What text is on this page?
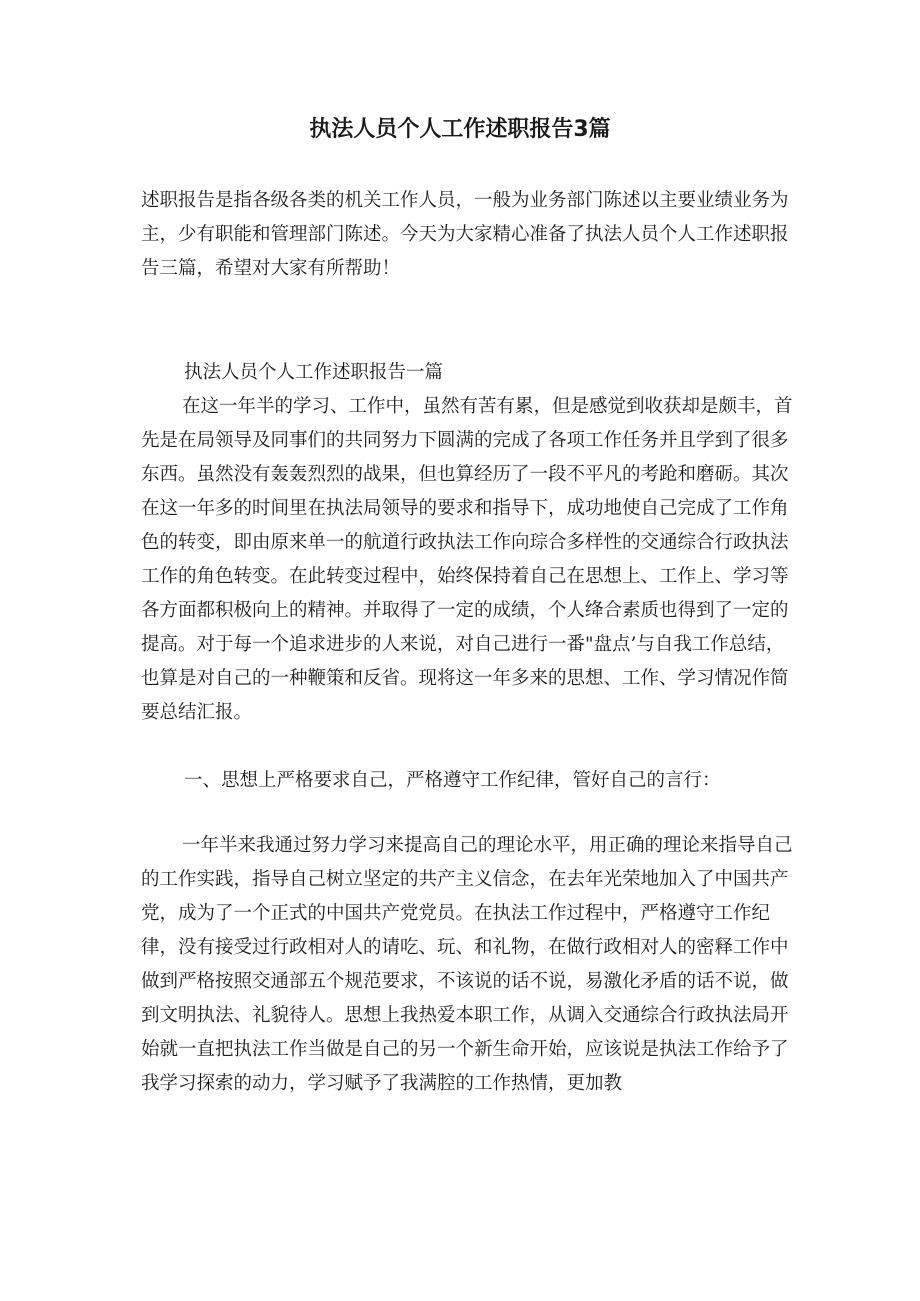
执法人员个人工作述职报告3篇

述职报告是指各级各类的机关工作人员，一般为业务部门陈述以主要业绩业务为主，少有职能和管理部门陈述。今天为大家精心准备了执法人员个人工作述职报告三篇，希望对大家有所帮助！

执法人员个人工作述职报告一篇

在这一年半的学习、工作中，虽然有苦有累，但是感觉到收获却是颇丰，首先是在局领导及同事们的共同努力下圆满的完成了各项工作任务并且学到了很多东西。虽然没有轰轰烈烈的战果，但也算经历了一段不平凡的考跄和磨砺。其次在这一年多的时间里在执法局领导的要求和指导下，成功地使自己完成了工作角色的转变，即由原来单一的航道行政执法工作向琮合多样性的交通综合行政执法工作的角色转变。在此转变过程中，始终保持着自己在思想上、工作上、学习等各方面都积极向上的精神。并取得了一定的成绩，个人绛合素质也得到了一定的提高。对于每一个追求进步的人来说，对自己进行一番"盘点’与自我工作总结，也算是对自己的一种鞭策和反省。现将这一年多来的思想、工作、学习情况作简要总结汇报。

一、思想上严格要求自己，严格遵守工作纪律，管好自己的言行：

一年半来我通过努力学习来提高自己的理论水平，用正确的理论来指导自己的工作实践，指导自己树立坚定的共产主义信念，在去年光荣地加入了中国共产党，成为了一个正式的中国共产党党员。在执法工作过程中，严格遵守工作纪律，没有接受过行政相对人的请吃、玩、和礼物，在做行政相对人的密释工作中做到严格按照交通部五个规范要求，不该说的话不说，易激化矛盾的话不说，做到文明执法、礼貌待人。思想上我热爱本职工作，从调入交通综合行政执法局开始就一直把执法工作当做是自己的另一个新生命开始，应该说是执法工作给予了我学习探索的动力，学习赋予了我满腔的工作热情，更加教
